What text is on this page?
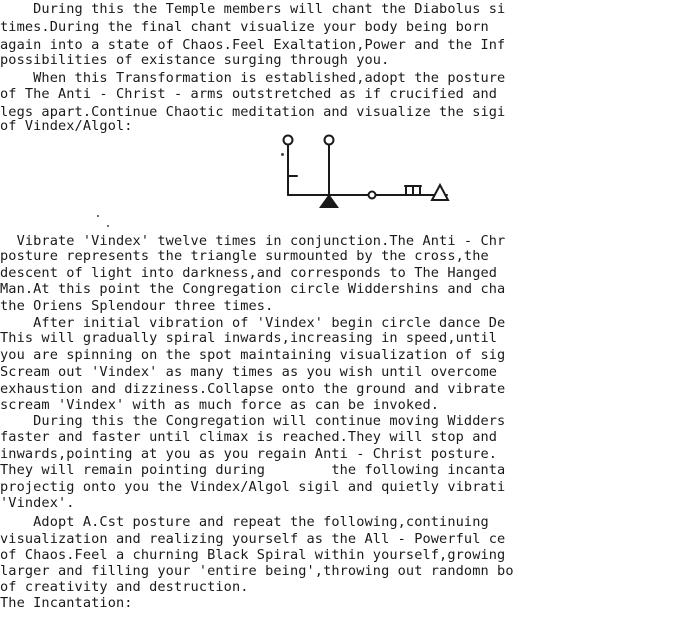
During this the Temple members will chant the Diabolus si
times.During the final chant visualize your body being born
again into a state of Chaos.Feel Exaltation,Power and the Inf
possibilities of existance surging through you.
When this Transformation is established,adopt the posture
of The Anti - Christ - arms outstretched as if crucified and
legs apart.Continue Chaotic meditation and visualize the sigi
of Vindex/Algol:
Vibrate 'Vindex' twelve times in conjunction.The Anti - Chr
posture represents the triangle surmounted by the cross,the
descent of light into darkness,and corresponds to The Hanged
Man.At this point the Congregation circle Widdershins and cha
the Oriens Splendour three times.
After initial vibration of 'Vindex' begin circle dance De
This will gradually spiral inwards,increasing in speed,until
you are spinning on the spot maintaining visualization of sig
Scream out 'Vindex' as many times as you wish until overcome
exhaustion and dizziness.Collapse onto the ground and vibrate
scream 'Vindex' with as much force as can be invoked.
During this the Congregation will continue moving Widders
faster and faster until climax is reached.They will stop and
inwards,pointing at you as you regain Anti - Christ posture.
They will remain pointing during        the following incanta
projectig onto you the Vindex/Algol sigil and quietly vibrati
'Vindex'.
Adopt A.Cst posture and repeat the following,continuing
visualization and realizing yourself as the All - Powerful ce
of Chaos.Feel a churning Black Spiral within yourself,growing
larger and filling your 'entire being',throwing out randomn bo
of creativity and destruction.
The Incantation:
